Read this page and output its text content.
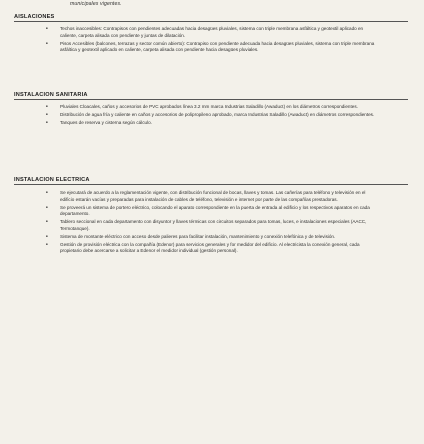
municipales vigentes.
AISLACIONES
•	Techos inaccesibles: Contrapisos con pendientes adecuadas hacia desagües pluviales, sistema con triple membrana asfáltica y geotextil aplicado en caliente, carpeta alisada con pendiente y juntas de dilatación.
•	Pisos Accesibles (balcones, terrazas y sector común abierto): Contrapiso con pendiente adecuada hacia desagües pluviales, sistema con triple membrana asfáltica y geotextil aplicado en caliente, carpeta alisada con pendiente hacia desagües pluviales.
INSTALACION SANITARIA
•	Pluviales Cloacales, caños y accesorios de PVC aprobados línea 3.2 mm marca Industrias Saladillo (Awaduct) en los diámetros correspondientes.
•	Distribución de agua fría y caliente en caños y accesorios de polipropileno aprobado, marca Industrias Saladillo (Awaduct) en diámetros correspondientes.
•	Tanques de reserva y cisterna según cálculo.
INSTALACION ELECTRICA
•	Se ejecutará de acuerdo a la reglamentación vigente, con distribución funcional de bocas, llaves y tomas. Las cañerías para teléfono y televisión en el edificio estarán vacías y preparadas para instalación de cables de teléfono, televisión e internet por parte de las compañías prestadoras.
•	Se proveerá un sistema de portero eléctrico, colocando el aparato correspondiente en la puerta de entrada al edificio y los respectivos aparatos en cada departamento.
•	Tablero seccional en cada departamento con disyuntor y llaves térmicas con circuitos separados para tomas, luces, e instalaciones especiales (AACC, Termotanque).
•	Sistema de montante eléctrico con acceso desde palieres para facilitar instalación, mantenimiento y conexión telefónica y de televisión.
•	Gestión de provisión eléctrica con la compañía (Edenor) para servicios generales y for medidor del edificio. Al electricista la conexión general, cada propietario debe acercarse a solicitar a Edenor el medidor individual (gestión personal).
